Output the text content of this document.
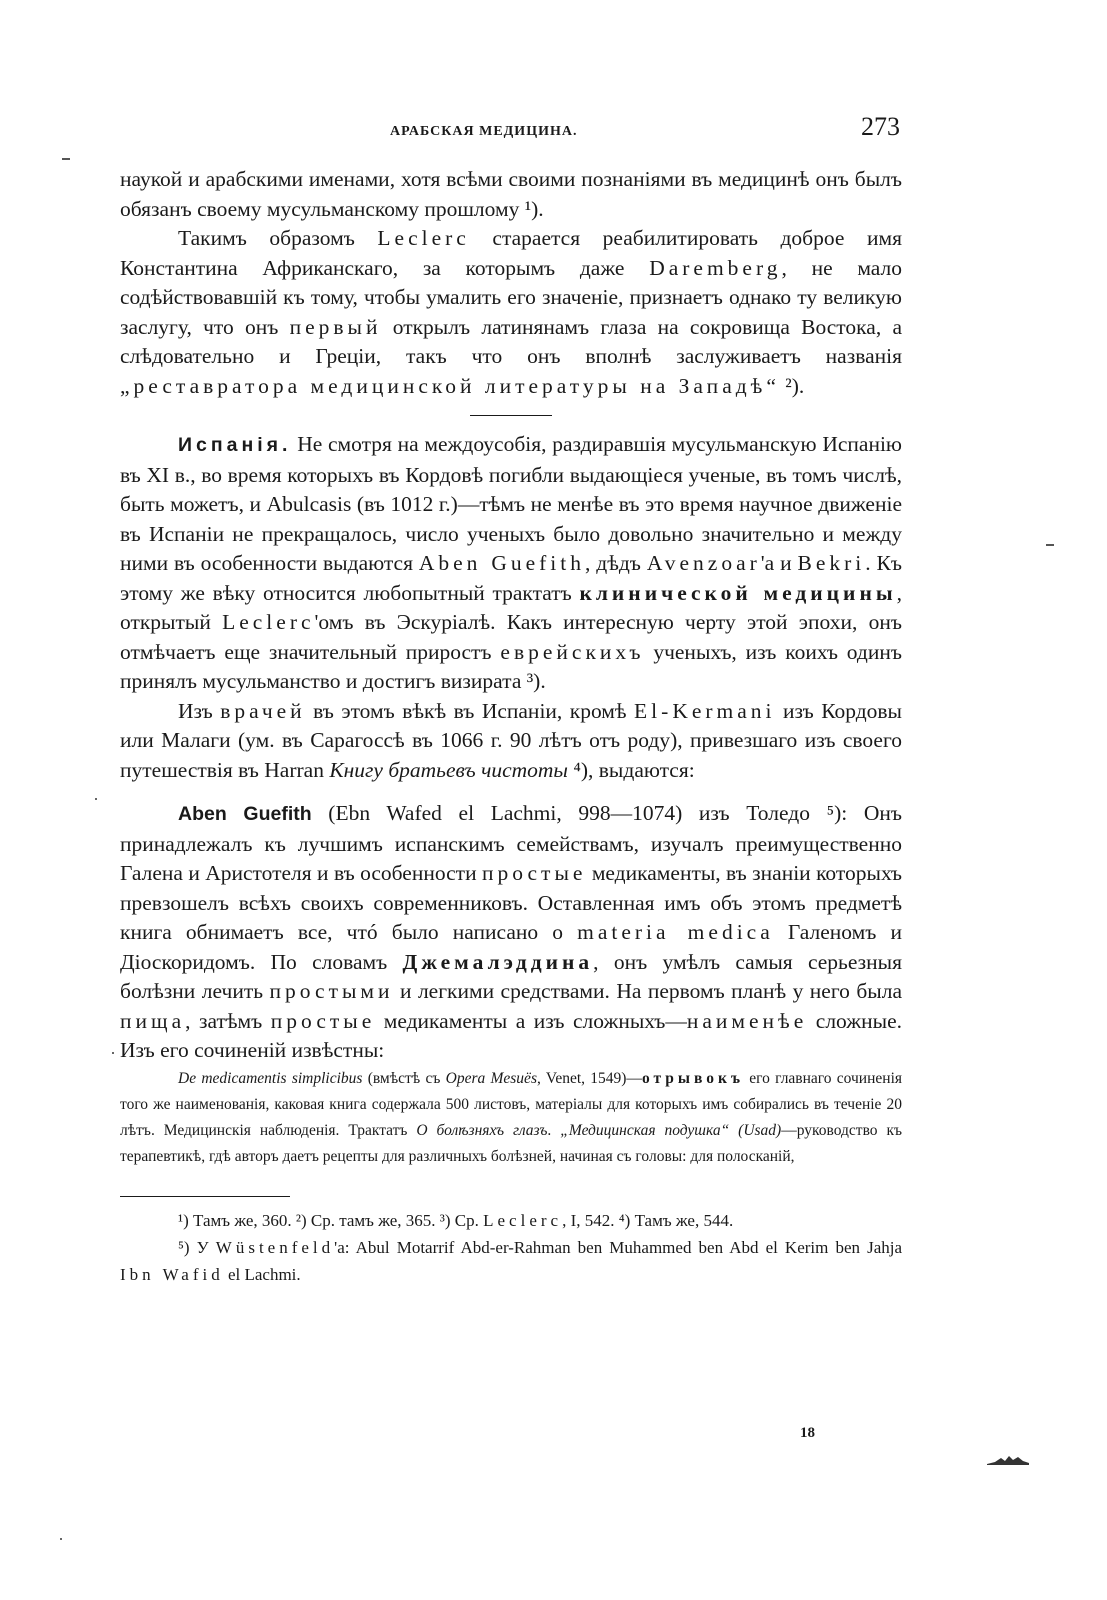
АРАБСКАЯ МЕДИЦИНА.	273

наукой и арабскими именами, хотя всѣми своими познаніями въ медицинѣ онъ былъ обязанъ своему мусульманскому прошлому ¹).

Такимъ образомъ Leclerc старается реабилитировать доброе имя Константина Африканскаго, за которымъ даже Daremberg, не мало содѣйствовавшій къ тому, чтобы умалить его значеніе, признаетъ однако ту великую заслугу, что онъ первый открылъ латинянамъ глаза на сокровища Востока, а слѣдовательно и Греціи, такъ что онъ вполнѣ заслуживаетъ названія „реставратора медицинской литературы на Западѣ“ ²).

Испанія. Не смотря на междоусобія, раздиравшія мусульманскую Испанію въ XI в., во время которыхъ въ Кордовѣ погибли выдающіеся ученые, въ томъ числѣ, быть можетъ, и Abulcasis (въ 1012 г.)—тѣмъ не менѣе въ это время научное движеніе въ Испаніи не прекращалось, число ученыхъ было довольно значительно и между ними въ особенности выдаются Aben Guefith, дѣдъ Avenzoar'а и Bekri. Къ этому же вѣку относится любопытный трактатъ клинической медицины, открытый Leclerc'омъ въ Эскуріалѣ. Какъ интересную черту этой эпохи, онъ отмѣчаетъ еще значительный приростъ еврейскихъ ученыхъ, изъ коихъ одинъ принялъ мусульманство и достигъ визирата ³).

Изъ врачей въ этомъ вѣкѣ въ Испаніи, кромѣ El-Kermani изъ Кордовы или Малаги (ум. въ Сарагоссѣ въ 1066 г. 90 лѣтъ отъ роду), привезшаго изъ своего путешествія въ Harran Книгу братьевъ чистоты ⁴), выдаются:

Aben Guefith (Ebn Wafed el Lachmi, 998—1074) изъ Толедо ⁵): Онъ принадлежалъ къ лучшимъ испанскимъ семействамъ, изучалъ преимущественно Галена и Аристотеля и въ особенности простые медикаменты, въ знаніи которыхъ превзошелъ всѣхъ своихъ современниковъ. Оставленная имъ объ этомъ предметѣ книга обнимаетъ все, чтó было написано о materia medica Галеномъ и Діоскоридомъ. По словамъ Джемалэддина, онъ умѣлъ самыя серьезныя болѣзни лечить простыми и легкими средствами. На первомъ планѣ у него была пища, затѣмъ простые медикаменты а изъ сложныхъ—наименѣе сложные. Изъ его сочиненій извѣстны:

De medicamentis simplicibus (вмѣстѣ съ Opera Mesuës, Venet, 1549)—отрывокъ его главнаго сочиненія того же наименованія, каковая книга содержала 500 листовъ, матеріалы для которыхъ имъ собирались въ теченіе 20 лѣтъ. Медицинскія наблюденія. Трактатъ О болѣзняхъ глазъ. „Медицинская подушка“ (Usad)—руководство къ терапевтикѣ, гдѣ авторъ даетъ рецепты для различныхъ болѣзней, начиная съ головы: для полосканій,

¹) Тамъ же, 360. ²) Ср. тамъ же, 365. ³) Ср. Leclerc, I, 542. ⁴) Тамъ же, 544.

⁵) У Wüstenfeld'a: Abul Motarrif Abd-er-Rahman ben Muhammed ben Abd el Kerim ben Jahja Ibn Wafid el Lachmi.

18
